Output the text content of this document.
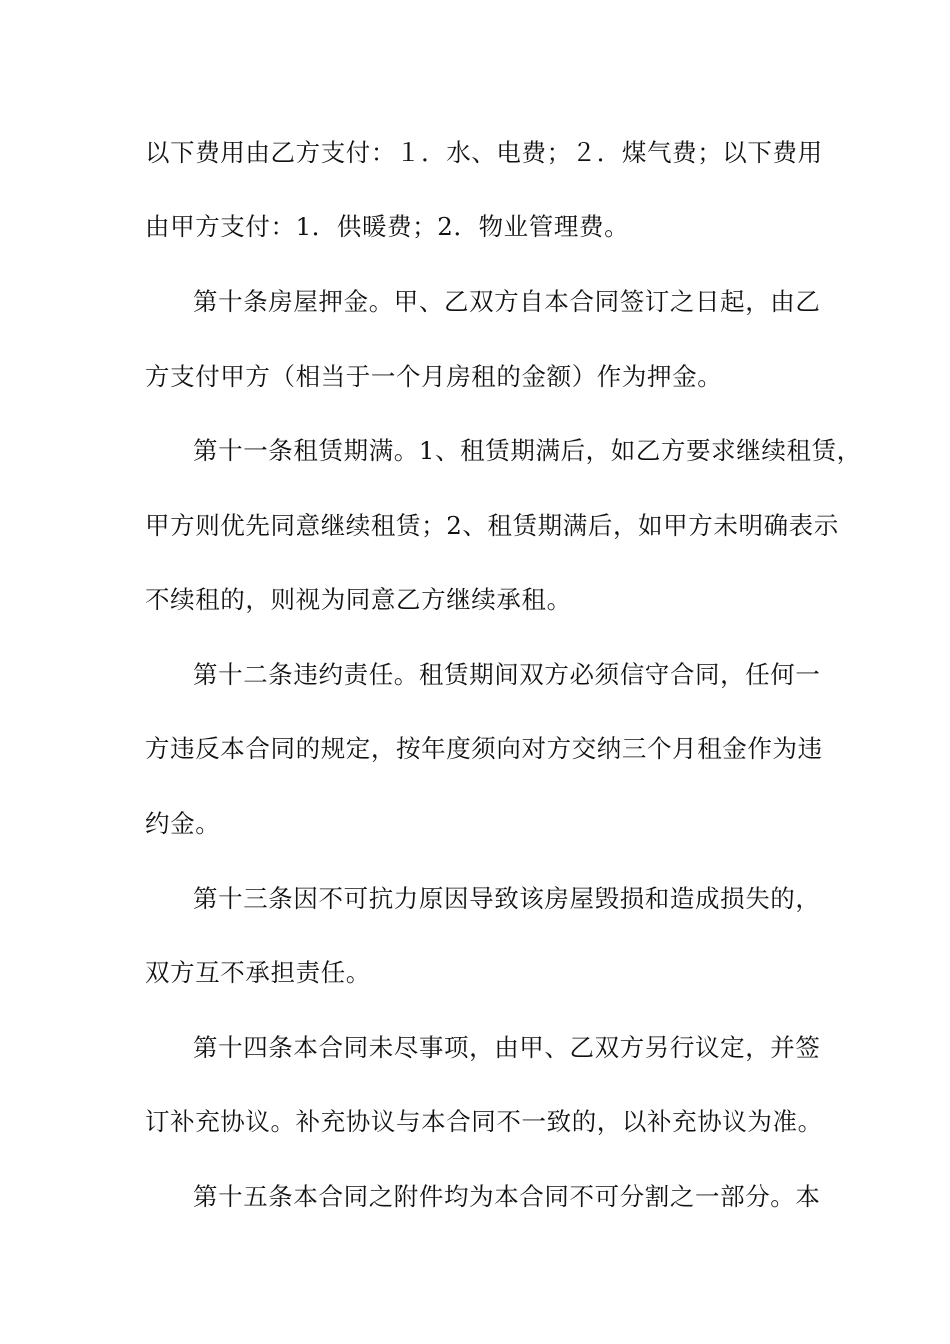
以下费用由乙方支付：１．水、电费；２．煤气费；以下费用
由甲方支付：1．供暖费；2．物业管理费。
第十条房屋押金。甲、乙双方自本合同签订之日起，由乙
方支付甲方（相当于一个月房租的金额）作为押金。
第十一条租赁期满。1、租赁期满后，如乙方要求继续租赁，
甲方则优先同意继续租赁；2、租赁期满后，如甲方未明确表示
不续租的，则视为同意乙方继续承租。
第十二条违约责任。租赁期间双方必须信守合同，任何一
方违反本合同的规定，按年度须向对方交纳三个月租金作为违
约金。
第十三条因不可抗力原因导致该房屋毁损和造成损失的，
双方互不承担责任。
第十四条本合同未尽事项，由甲、乙双方另行议定，并签
订补充协议。补充协议与本合同不一致的，以补充协议为准。
第十五条本合同之附件均为本合同不可分割之一部分。本
